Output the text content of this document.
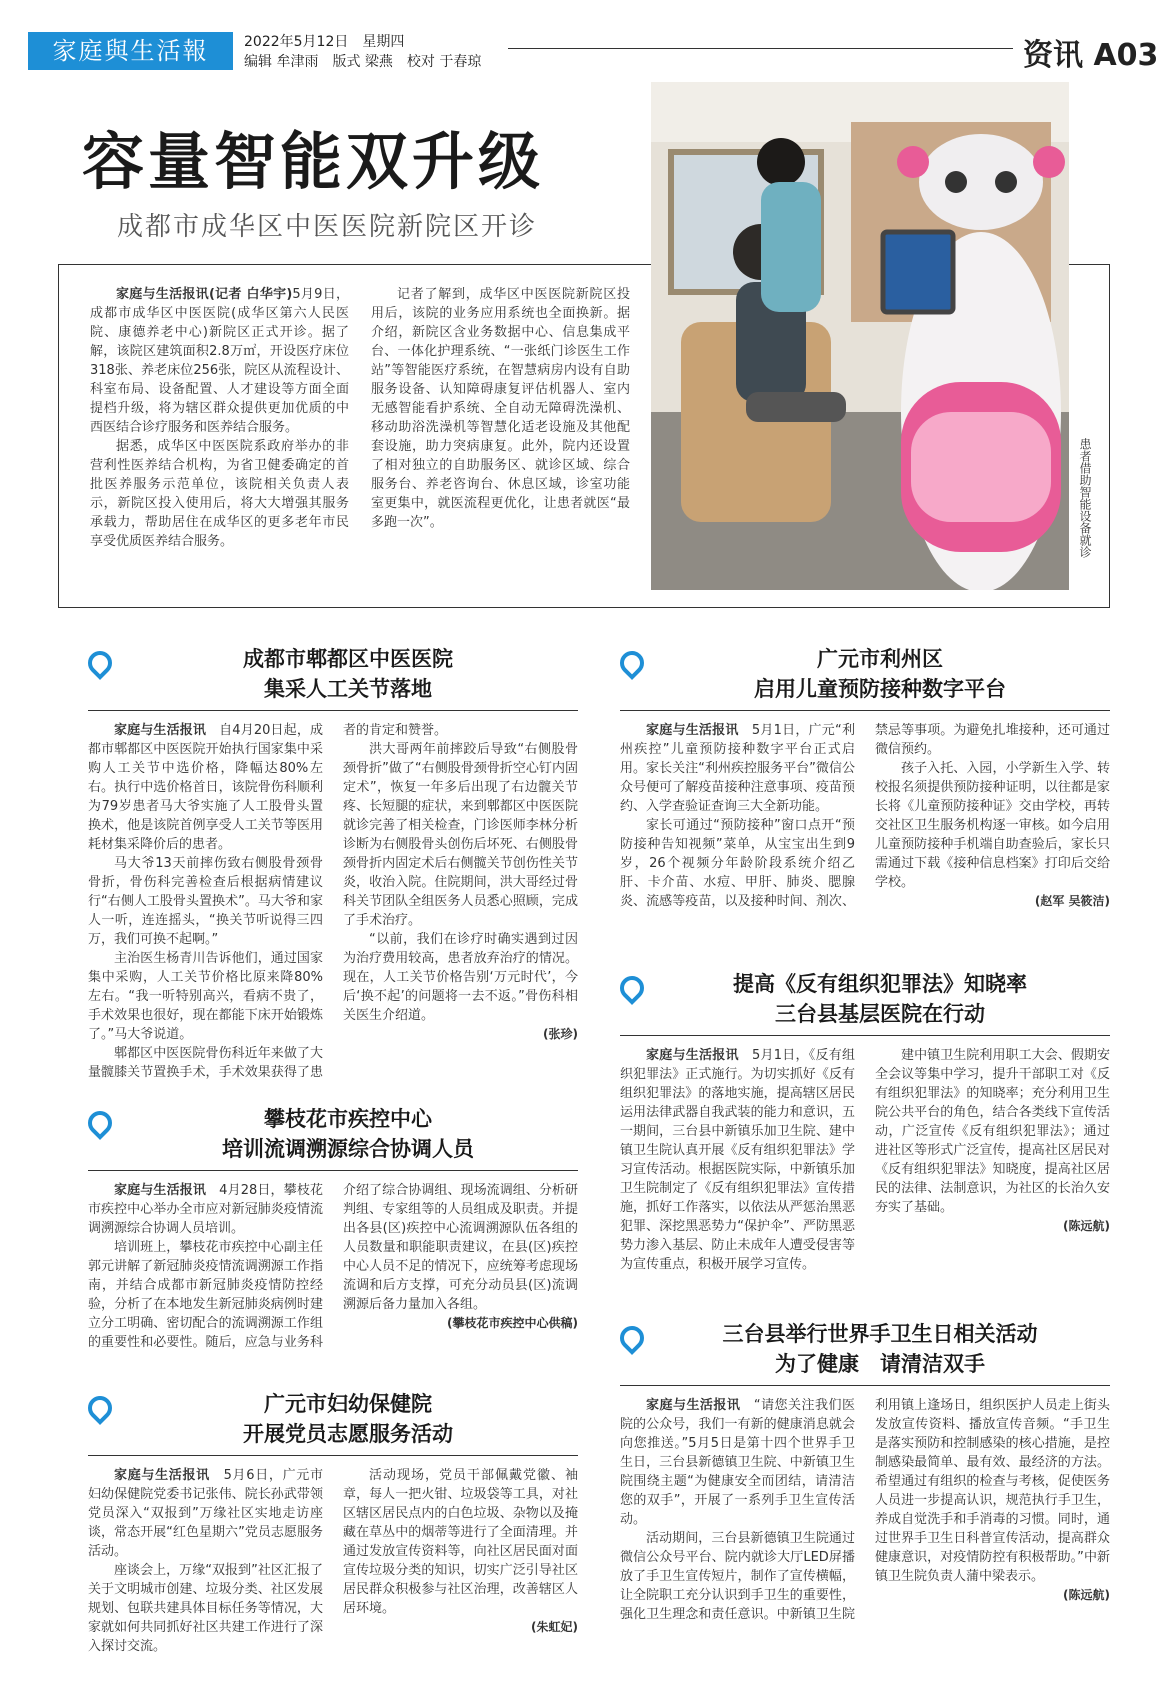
家庭與生活報	2022年5月12日　星期四
编辑 牟津雨　版式 梁燕　校对 于春琼	资讯 A03
容量智能双升级
成都市成华区中医医院新院区开诊

家庭与生活报讯(记者 白华宇)5月9日，成都市成华区中医医院(成华区第六人民医院、康德养老中心)新院区正式开诊。据了解，该院区建筑面积2.8万㎡，开设医疗床位318张、养老床位256张，院区从流程设计、科室布局、设备配置、人才建设等方面全面提档升级，将为辖区群众提供更加优质的中西医结合诊疗服务和医养结合服务。

据悉，成华区中医医院系政府举办的非营利性医养结合机构，为省卫健委确定的首批医养服务示范单位，该院相关负责人表示，新院区投入使用后，将大大增强其服务承载力，帮助居住在成华区的更多老年市民享受优质医养结合服务。

记者了解到，成华区中医医院新院区投用后，该院的业务应用系统也全面换新。据介绍，新院区含业务数据中心、信息集成平台、一体化护理系统、“一张纸门诊医生工作站”等智能医疗系统，在智慧病房内设有自助服务设备、认知障碍康复评估机器人、室内无感智能看护系统、全自动无障碍洗澡机、移动助浴洗澡机等智慧化适老设施及其他配套设施，助力突病康复。此外，院内还设置了相对独立的自助服务区、就诊区域、综合服务台、养老咨询台、休息区域，诊室功能室更集中，就医流程更优化，让患者就医“最多跑一次”。	患者借助智能设备就诊
成都市郫都区中医医院
集采人工关节落地

家庭与生活报讯　 自4月20日起，成都市郫都区中医医院开始执行国家集中采购人工关节中选价格，降幅达80%左右。执行中选价格首日，该院骨伤科顺利为79岁患者马大爷实施了人工股骨头置换术，他是该院首例享受人工关节等医用耗材集采降价后的患者。

马大爷13天前摔伤致右侧股骨颈骨骨折，骨伤科完善检查后根据病情建议行“右侧人工股骨头置换术”。马大爷和家人一听，连连摇头，“换关节听说得三四万，我们可换不起啊。”

主治医生杨青川告诉他们，通过国家集中采购，人工关节价格比原来降80%左右。“我一听特别高兴，看病不贵了，手术效果也很好，现在都能下床开始锻炼了。”马大爷说道。

郫都区中医医院骨伤科近年来做了大量髋膝关节置换手术，手术效果获得了患者的肯定和赞誉。

洪大哥两年前摔跤后导致“右侧股骨颈骨折”做了“右侧股骨颈骨折空心钉内固定术”，恢复一年多后出现了右边髋关节疼、长短腿的症状，来到郫都区中医医院就诊完善了相关检查，门诊医师李林分析诊断为右侧股骨头创伤后坏死、右侧股骨颈骨折内固定术后右侧髋关节创伤性关节炎，收治入院。住院期间，洪大哥经过骨科关节团队全组医务人员悉心照顾，完成了手术治疗。

“以前，我们在诊疗时确实遇到过因为治疗费用较高，患者放弃治疗的情况。现在，人工关节价格告别‘万元时代’，今后‘换不起’的问题将一去不返。”骨伤科相关医生介绍道。

(张珍)

攀枝花市疾控中心
培训流调溯源综合协调人员

家庭与生活报讯　 4月28日，攀枝花市疾控中心举办全市应对新冠肺炎疫情流调溯源综合协调人员培训。

培训班上，攀枝花市疾控中心副主任郭元讲解了新冠肺炎疫情流调溯源工作指南，并结合成都市新冠肺炎疫情防控经验，分析了在本地发生新冠肺炎病例时建立分工明确、密切配合的流调溯源工作组的重要性和必要性。随后，应急与业务科介绍了综合协调组、现场流调组、分析研判组、专家组等的人员组成及职责。并提出各县(区)疾控中心流调溯源队伍各组的人员数量和职能职责建议，在县(区)疾控中心人员不足的情况下，应统筹考虑现场流调和后方支撑，可充分动员县(区)流调溯源后备力量加入各组。

(攀枝花市疾控中心供稿)

广元市妇幼保健院
开展党员志愿服务活动

家庭与生活报讯　 5月6日，广元市妇幼保健院党委书记张伟、院长孙武带领党员深入“双报到”万缘社区实地走访座谈，常态开展“红色星期六”党员志愿服务活动。

座谈会上，万缘“双报到”社区汇报了关于文明城市创建、垃圾分类、社区发展规划、包联共建具体目标任务等情况，大家就如何共同抓好社区共建工作进行了深入探讨交流。

活动现场，党员干部佩戴党徽、袖章，每人一把火钳、垃圾袋等工具，对社区辖区居民点内的白色垃圾、杂物以及掩藏在草丛中的烟蒂等进行了全面清理。并通过发放宣传资料等，向社区居民面对面宣传垃圾分类的知识，切实广泛引导社区居民群众积极参与社区治理，改善辖区人居环境。

(朱虹妃)

广元市利州区
启用儿童预防接种数字平台

家庭与生活报讯　 5月1日，广元“利州疾控”儿童预防接种数字平台正式启用。家长关注“利州疾控服务平台”微信公众号便可了解疫苗接种注意事项、疫苗预约、入学查验证查询三大全新功能。

家长可通过“预防接种”窗口点开“预防接种告知视频”菜单，从宝宝出生到9岁，26个视频分年龄阶段系统介绍乙肝、卡介苗、水痘、甲肝、肺炎、腮腺炎、流感等疫苗，以及接种时间、剂次、禁忌等事项。为避免扎堆接种，还可通过微信预约。

孩子入托、入园，小学新生入学、转校报名须提供预防接种证明，以往都是家长将《儿童预防接种证》交由学校，再转交社区卫生服务机构逐一审核。如今启用儿童预防接种手机端自助查验后，家长只需通过下载《接种信息档案》打印后交给学校。

(赵军 吴筱洁)

提高《反有组织犯罪法》知晓率
三台县基层医院在行动

家庭与生活报讯　 5月1日，《反有组织犯罪法》正式施行。为切实抓好《反有组织犯罪法》的落地实施，提高辖区居民运用法律武器自我武装的能力和意识，五一期间，三台县中新镇乐加卫生院、建中镇卫生院认真开展《反有组织犯罪法》学习宣传活动。根据医院实际，中新镇乐加卫生院制定了《反有组织犯罪法》宣传措施，抓好工作落实，以依法从严惩治黑恶犯罪、深挖黑恶势力“保护伞”、严防黑恶势力渗入基层、防止未成年人遭受侵害等为宣传重点，积极开展学习宣传。

建中镇卫生院利用职工大会、假期安全会议等集中学习，提升干部职工对《反有组织犯罪法》的知晓率；充分利用卫生院公共平台的角色，结合各类线下宣传活动，广泛宣传《反有组织犯罪法》；通过进社区等形式广泛宣传，提高社区居民对《反有组织犯罪法》知晓度，提高社区居民的法律、法制意识，为社区的长治久安夯实了基础。

(陈远航)

三台县举行世界手卫生日相关活动
为了健康　请清洁双手

家庭与生活报讯　 “请您关注我们医院的公众号，我们一有新的健康消息就会向您推送。”5月5日是第十四个世界手卫生日，三台县新德镇卫生院、中新镇卫生院围绕主题“为健康安全而团结，请清洁您的双手”，开展了一系列手卫生宣传活动。

活动期间，三台县新德镇卫生院通过微信公众号平台、院内就诊大厅LED屏播放了手卫生宣传短片，制作了宣传横幅，让全院职工充分认识到手卫生的重要性，强化卫生理念和责任意识。中新镇卫生院利用镇上逢场日，组织医护人员走上街头发放宣传资料、播放宣传音频。“手卫生是落实预防和控制感染的核心措施，是控制感染最简单、最有效、最经济的方法。希望通过有组织的检查与考核，促使医务人员进一步提高认识，规范执行手卫生，养成自觉洗手和手消毒的习惯。同时，通过世界手卫生日科普宣传活动，提高群众健康意识，对疫情防控有积极帮助。”中新镇卫生院负责人蒲中梁表示。

(陈远航)
